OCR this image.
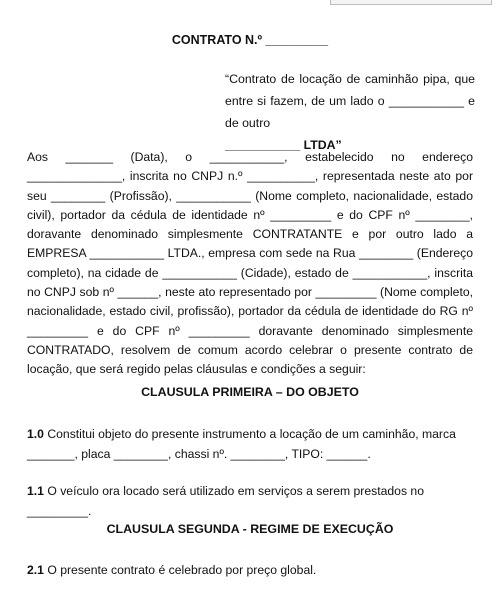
CONTRATO N.º _________
“Contrato de locação de caminhão pipa, que entre si fazem, de um lado o ___________ e de outro
___________ LTDA”
Aos _______ (Data), o ___________, estabelecido no endereço ______________, inscrita no CNPJ n.º __________, representada neste ato por seu ________ (Profissão), ___________ (Nome completo, nacionalidade, estado civil), portador da cédula de identidade nº _________ e do CPF nº ________, doravante denominado simplesmente CONTRATANTE e por outro lado a EMPRESA ___________ LTDA., empresa com sede na Rua ________ (Endereço completo), na cidade de ___________ (Cidade), estado de ___________, inscrita no CNPJ sob nº ______, neste ato representado por _________ (Nome completo, nacionalidade, estado civil, profissão), portador da cédula de identidade do RG nº _________ e do CPF nº _________ doravante denominado simplesmente CONTRATADO, resolvem de comum acordo celebrar o presente contrato de locação, que será regido pelas cláusulas e condições a seguir:
CLAUSULA PRIMEIRA – DO OBJETO
1.0 Constitui objeto do presente instrumento a locação de um caminhão, marca _______, placa ________, chassi nº. ________, TIPO: ______.
1.1 O veículo ora locado será utilizado em serviços a serem prestados no _________.
CLAUSULA SEGUNDA - REGIME DE EXECUÇÃO
2.1 O presente contrato é celebrado por preço global.
